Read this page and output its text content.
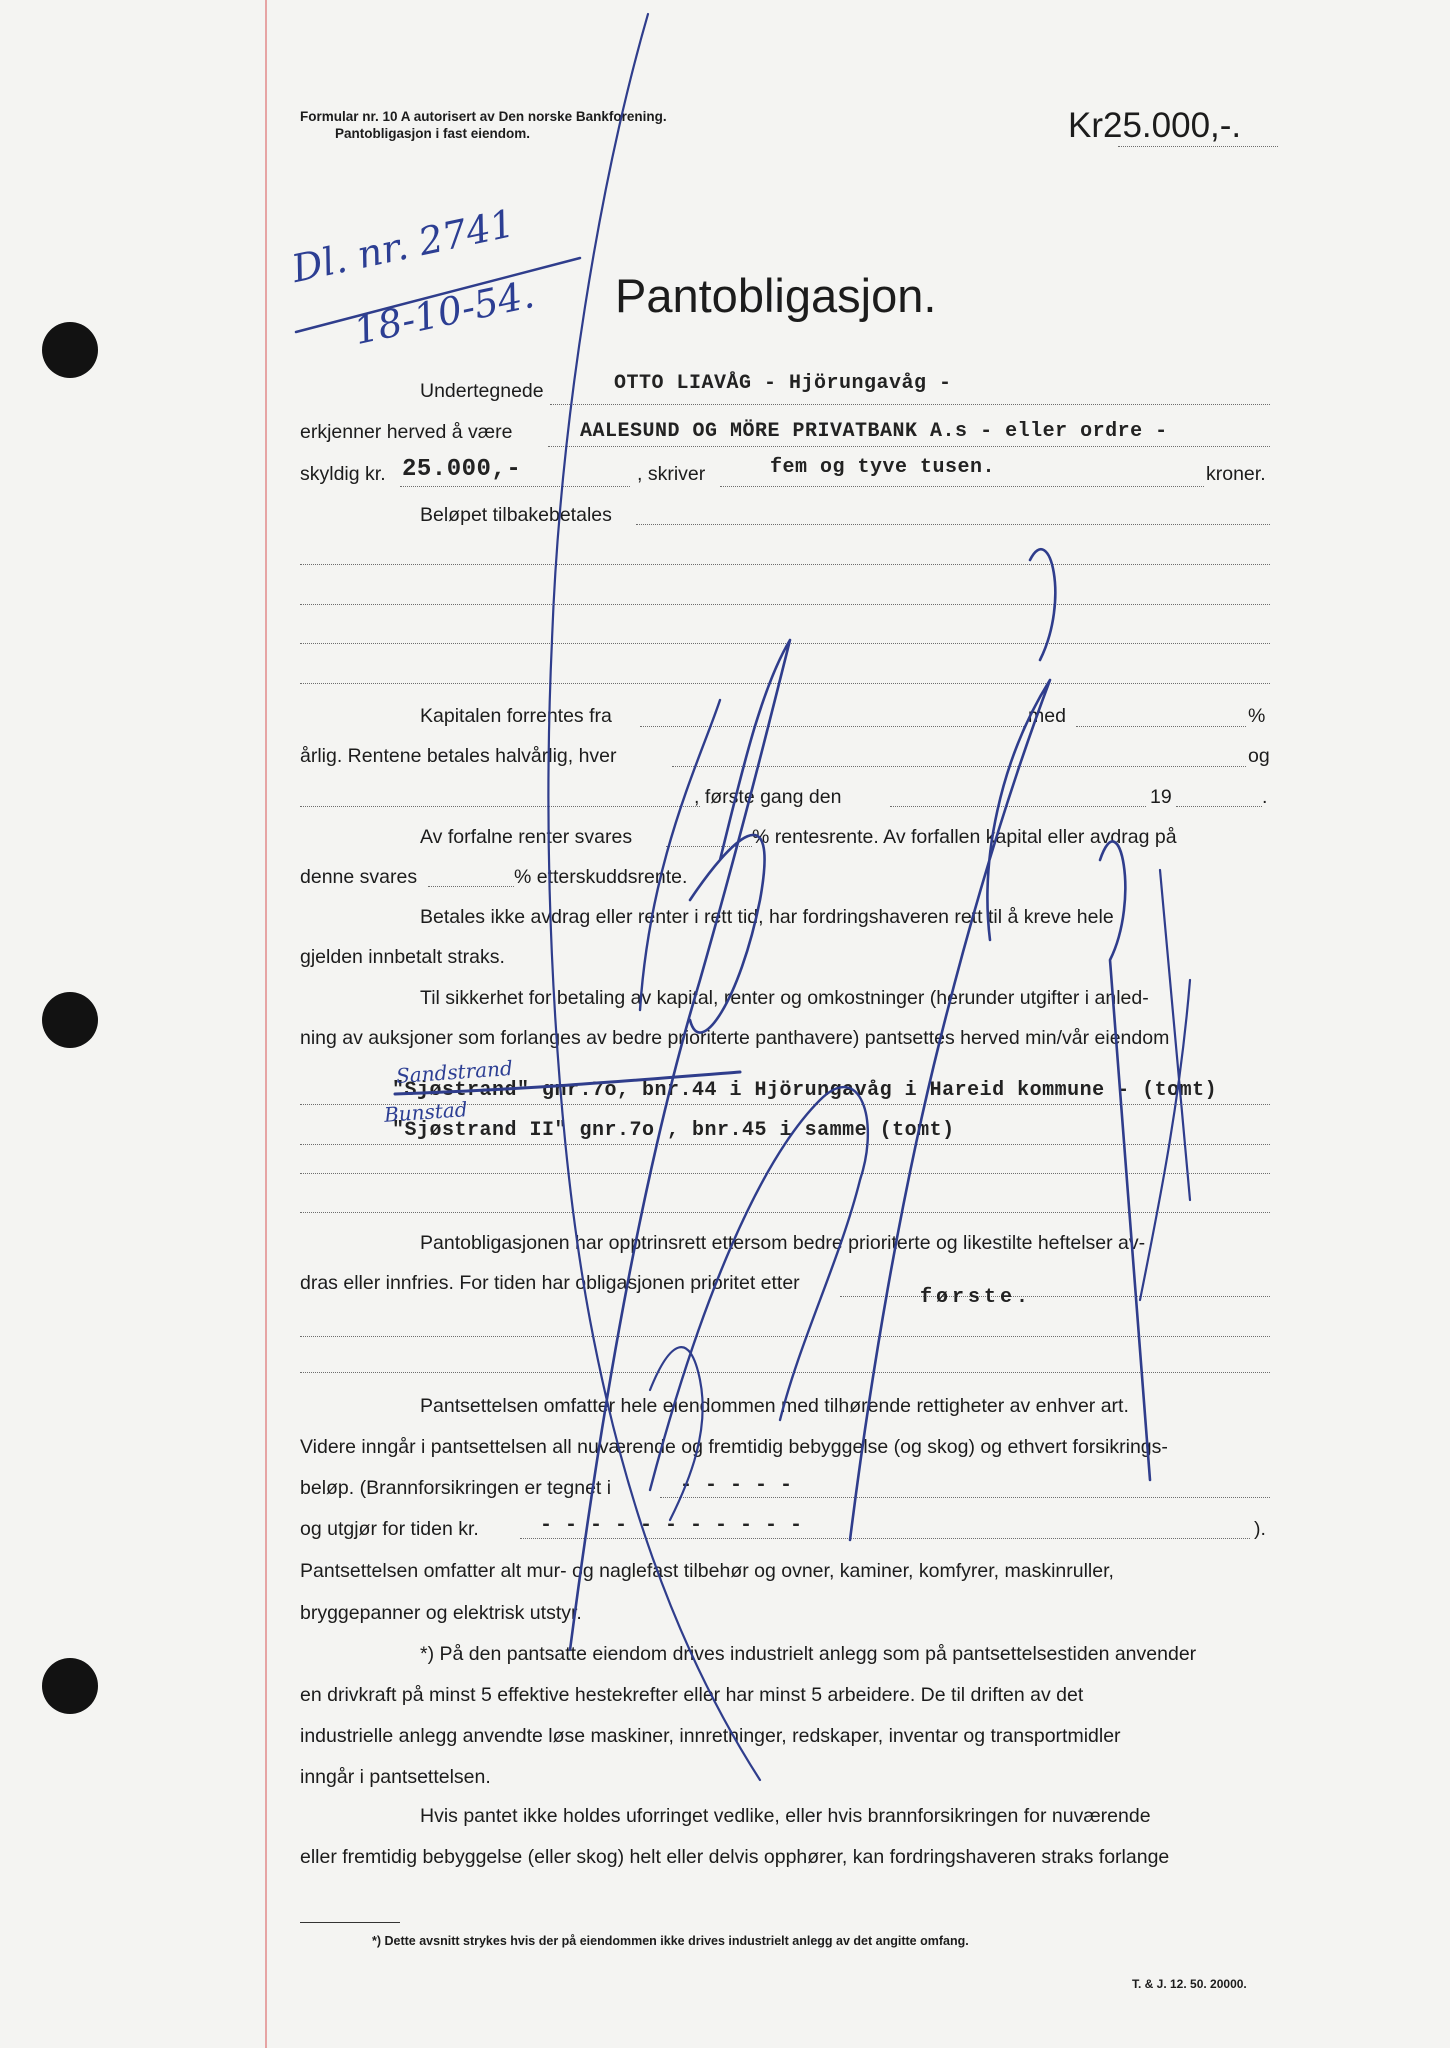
Formular nr. 10 A autorisert av Den norske Bankforening.
Pantobligasjon i fast eiendom.	Kr25.000,-.
Dl. nr. 2741
18-10-54. Pantobligasjon.
Undertegnede	OTTO LIAVÅG - Hjörungavåg -
erkjenner herved å være	AALESUND OG MÖRE PRIVATBANK A.s - eller ordre -
skyldig kr. 25.000,-	, skriver	fem og tyve tusen.	kroner.
Beløpet tilbakebetales
Kapitalen forrentes fra	med	%
årlig. Rentene betales halvårlig, hver	og
, første gang den	19	.
Av forfalne renter svares	% rentesrente. Av forfallen kapital eller avdrag på
denne svares	% etterskuddsrente.
Betales ikke avdrag eller renter i rett tid, har fordringshaveren rett til å kreve hele
gjelden innbetalt straks.
Til sikkerhet for betaling av kapital, renter og omkostninger (herunder utgifter i anled-
ning av auksjoner som forlanges av bedre prioriterte panthavere) pantsettes herved min/vår eiendom
"Sjøstrand" gnr.7o, bnr.44 i Hjörungavåg i Hareid kommune - (tomt)
"Sjøstrand II" gnr.7o , bnr.45 i samme (tomt)
Sandstrand
Bunstad
Pantobligasjonen har opptrinsrett ettersom bedre prioriterte og likestilte heftelser av-
dras eller innfries. For tiden har obligasjonen prioritet etter
første.
Pantsettelsen omfatter hele eiendommen med tilhørende rettigheter av enhver art.
Videre inngår i pantsettelsen all nuværende og fremtidig bebyggelse (og skog) og ethvert forsikrings-
beløp. (Brannforsikringen er tegnet i	- - - - -
og utgjør for tiden kr.	- - - - - - - - - - -	).
Pantsettelsen omfatter alt mur- og naglefast tilbehør og ovner, kaminer, komfyrer, maskinruller,
bryggepanner og elektrisk utstyr.
*) På den pantsatte eiendom drives industrielt anlegg som på pantsettelsestiden anvender
en drivkraft på minst 5 effektive hestekrefter eller har minst 5 arbeidere. De til driften av det
industrielle anlegg anvendte løse maskiner, innretninger, redskaper, inventar og transportmidler
inngår i pantsettelsen.
Hvis pantet ikke holdes uforringet vedlike, eller hvis brannforsikringen for nuværende
eller fremtidig bebyggelse (eller skog) helt eller delvis opphører, kan fordringshaveren straks forlange
*) Dette avsnitt strykes hvis der på eiendommen ikke drives industrielt anlegg av det angitte omfang.
T. & J. 12. 50. 20000.
